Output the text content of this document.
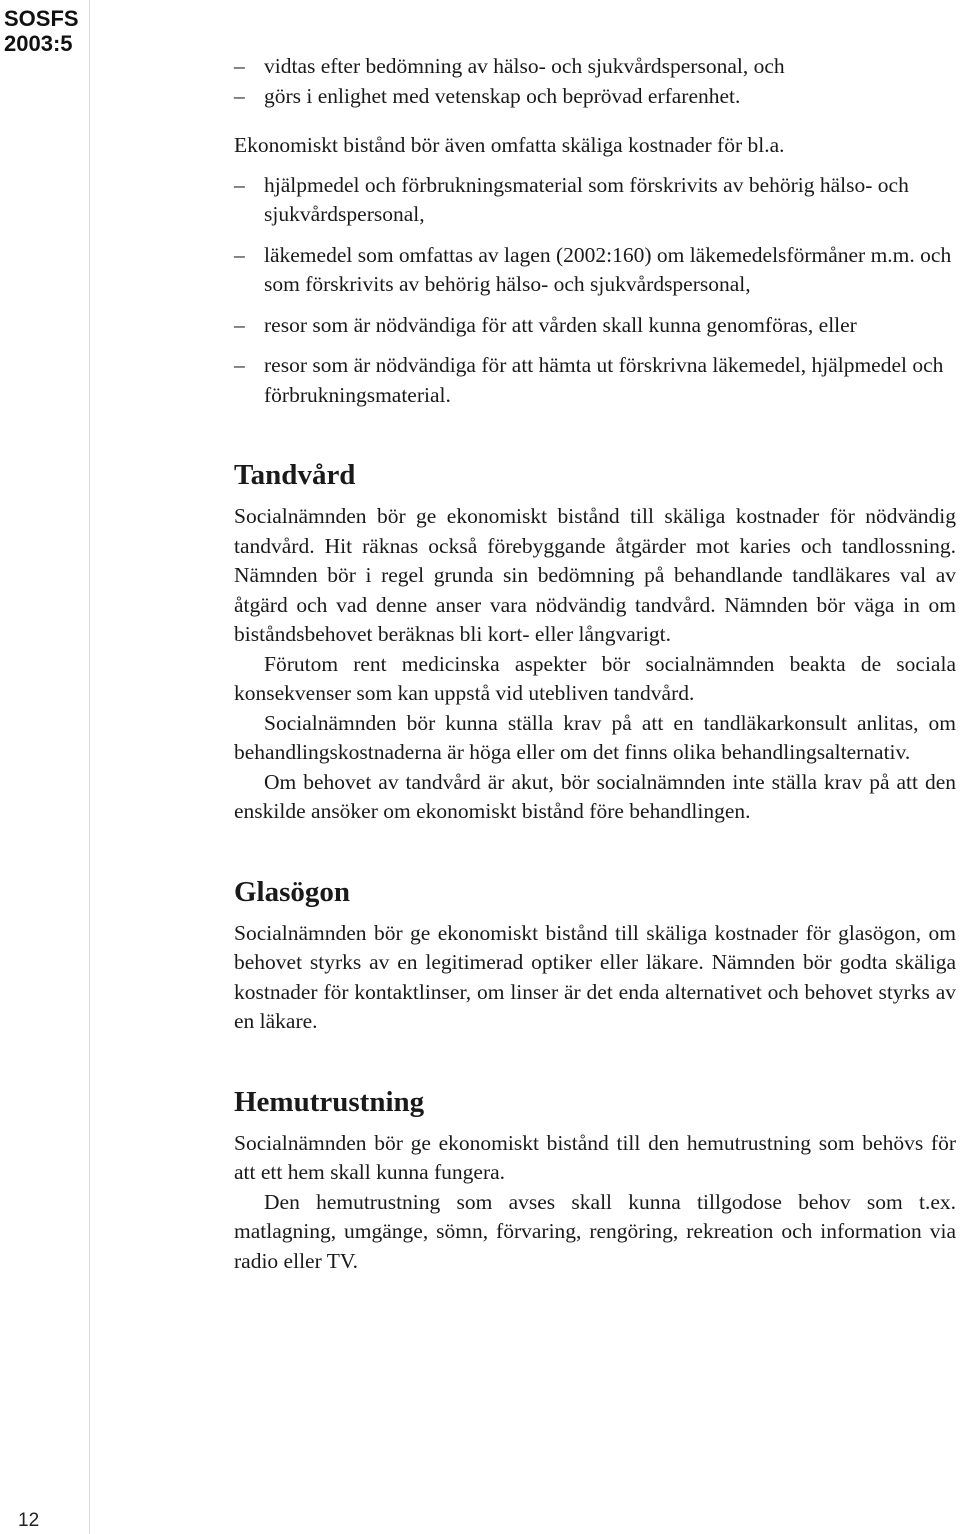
SOSFS
2003:5
12
– vidtas efter bedömning av hälso- och sjukvårdspersonal, och
– görs i enlighet med vetenskap och beprövad erfarenhet.

Ekonomiskt bistånd bör även omfatta skäliga kostnader för bl.a.

– hjälpmedel och förbrukningsmaterial som förskrivits av behörig hälso- och sjukvårdspersonal,
– läkemedel som omfattas av lagen (2002:160) om läkemedelsförmåner m.m. och som förskrivits av behörig hälso- och sjukvårdspersonal,
– resor som är nödvändiga för att vården skall kunna genomföras, eller
– resor som är nödvändiga för att hämta ut förskrivna läkemedel, hjälpmedel och förbrukningsmaterial.
Tandvård

Socialnämnden bör ge ekonomiskt bistånd till skäliga kostnader för nödvändig tandvård. Hit räknas också förebyggande åtgärder mot karies och tandlossning. Nämnden bör i regel grunda sin bedömning på behandlande tandläkares val av åtgärd och vad denne anser vara nödvändig tandvård. Nämnden bör väga in om biståndsbehovet beräknas bli kort- eller långvarigt.

Förutom rent medicinska aspekter bör socialnämnden beakta de sociala konsekvenser som kan uppstå vid utebliven tandvård.

Socialnämnden bör kunna ställa krav på att en tandläkarkonsult anlitas, om behandlingskostnaderna är höga eller om det finns olika behandlingsalternativ.

Om behovet av tandvård är akut, bör socialnämnden inte ställa krav på att den enskilde ansöker om ekonomiskt bistånd före behandlingen.

Glasögon

Socialnämnden bör ge ekonomiskt bistånd till skäliga kostnader för glasögon, om behovet styrks av en legitimerad optiker eller läkare. Nämnden bör godta skäliga kostnader för kontaktlinser, om linser är det enda alternativet och behovet styrks av en läkare.

Hemutrustning

Socialnämnden bör ge ekonomiskt bistånd till den hemutrustning som behövs för att ett hem skall kunna fungera.

Den hemutrustning som avses skall kunna tillgodose behov som t.ex. matlagning, umgänge, sömn, förvaring, rengöring, rekreation och information via radio eller TV.
